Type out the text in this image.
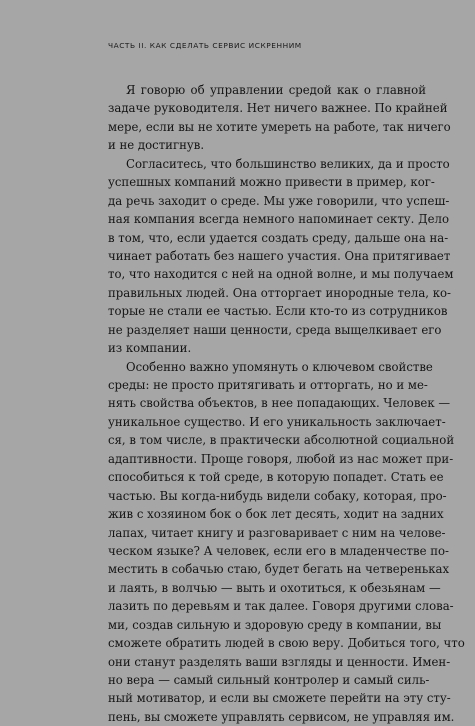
ЧАСТЬ II. КАК СДЕЛАТЬ СЕРВИС ИСКРЕННИМ
Я говорю об управлении средой как о главной
задаче руководителя. Нет ничего важнее. По крайней
мере, если вы не хотите умереть на работе, так ничего
и не достигнув.
Согласитесь, что большинство великих, да и просто
успешных компаний можно привести в пример, ког-
да речь заходит о среде. Мы уже говорили, что успеш-
ная компания всегда немного напоминает секту. Дело
в том, что, если удается создать среду, дальше она на-
чинает работать без нашего участия. Она притягивает
то, что находится с ней на одной волне, и мы получаем
правильных людей. Она отторгает инородные тела, ко-
торые не стали ее частью. Если кто-то из сотрудников
не разделяет наши ценности, среда выщелкивает его
из компании.
Особенно важно упомянуть о ключевом свойстве
среды: не просто притягивать и отторгать, но и ме-
нять свойства объектов, в нее попадающих. Человек —
уникальное существо. И его уникальность заключает-
ся, в том числе, в практически абсолютной социальной
адаптивности. Проще говоря, любой из нас может при-
способиться к той среде, в которую попадет. Стать ее
частью. Вы когда-нибудь видели собаку, которая, про-
жив с хозяином бок о бок лет десять, ходит на задних
лапах, читает книгу и разговаривает с ним на челове-
ческом языке? А человек, если его в младенчестве по-
местить в собачью стаю, будет бегать на четвереньках
и лаять, в волчью — выть и охотиться, к обезьянам —
лазить по деревьям и так далее. Говоря другими слова-
ми, создав сильную и здоровую среду в компании, вы
сможете обратить людей в свою веру. Добиться того, что
они станут разделять ваши взгляды и ценности. Имен-
но вера — самый сильный контролер и самый силь-
ный мотиватор, и если вы сможете перейти на эту сту-
пень, вы сможете управлять сервисом, не управляя им.
